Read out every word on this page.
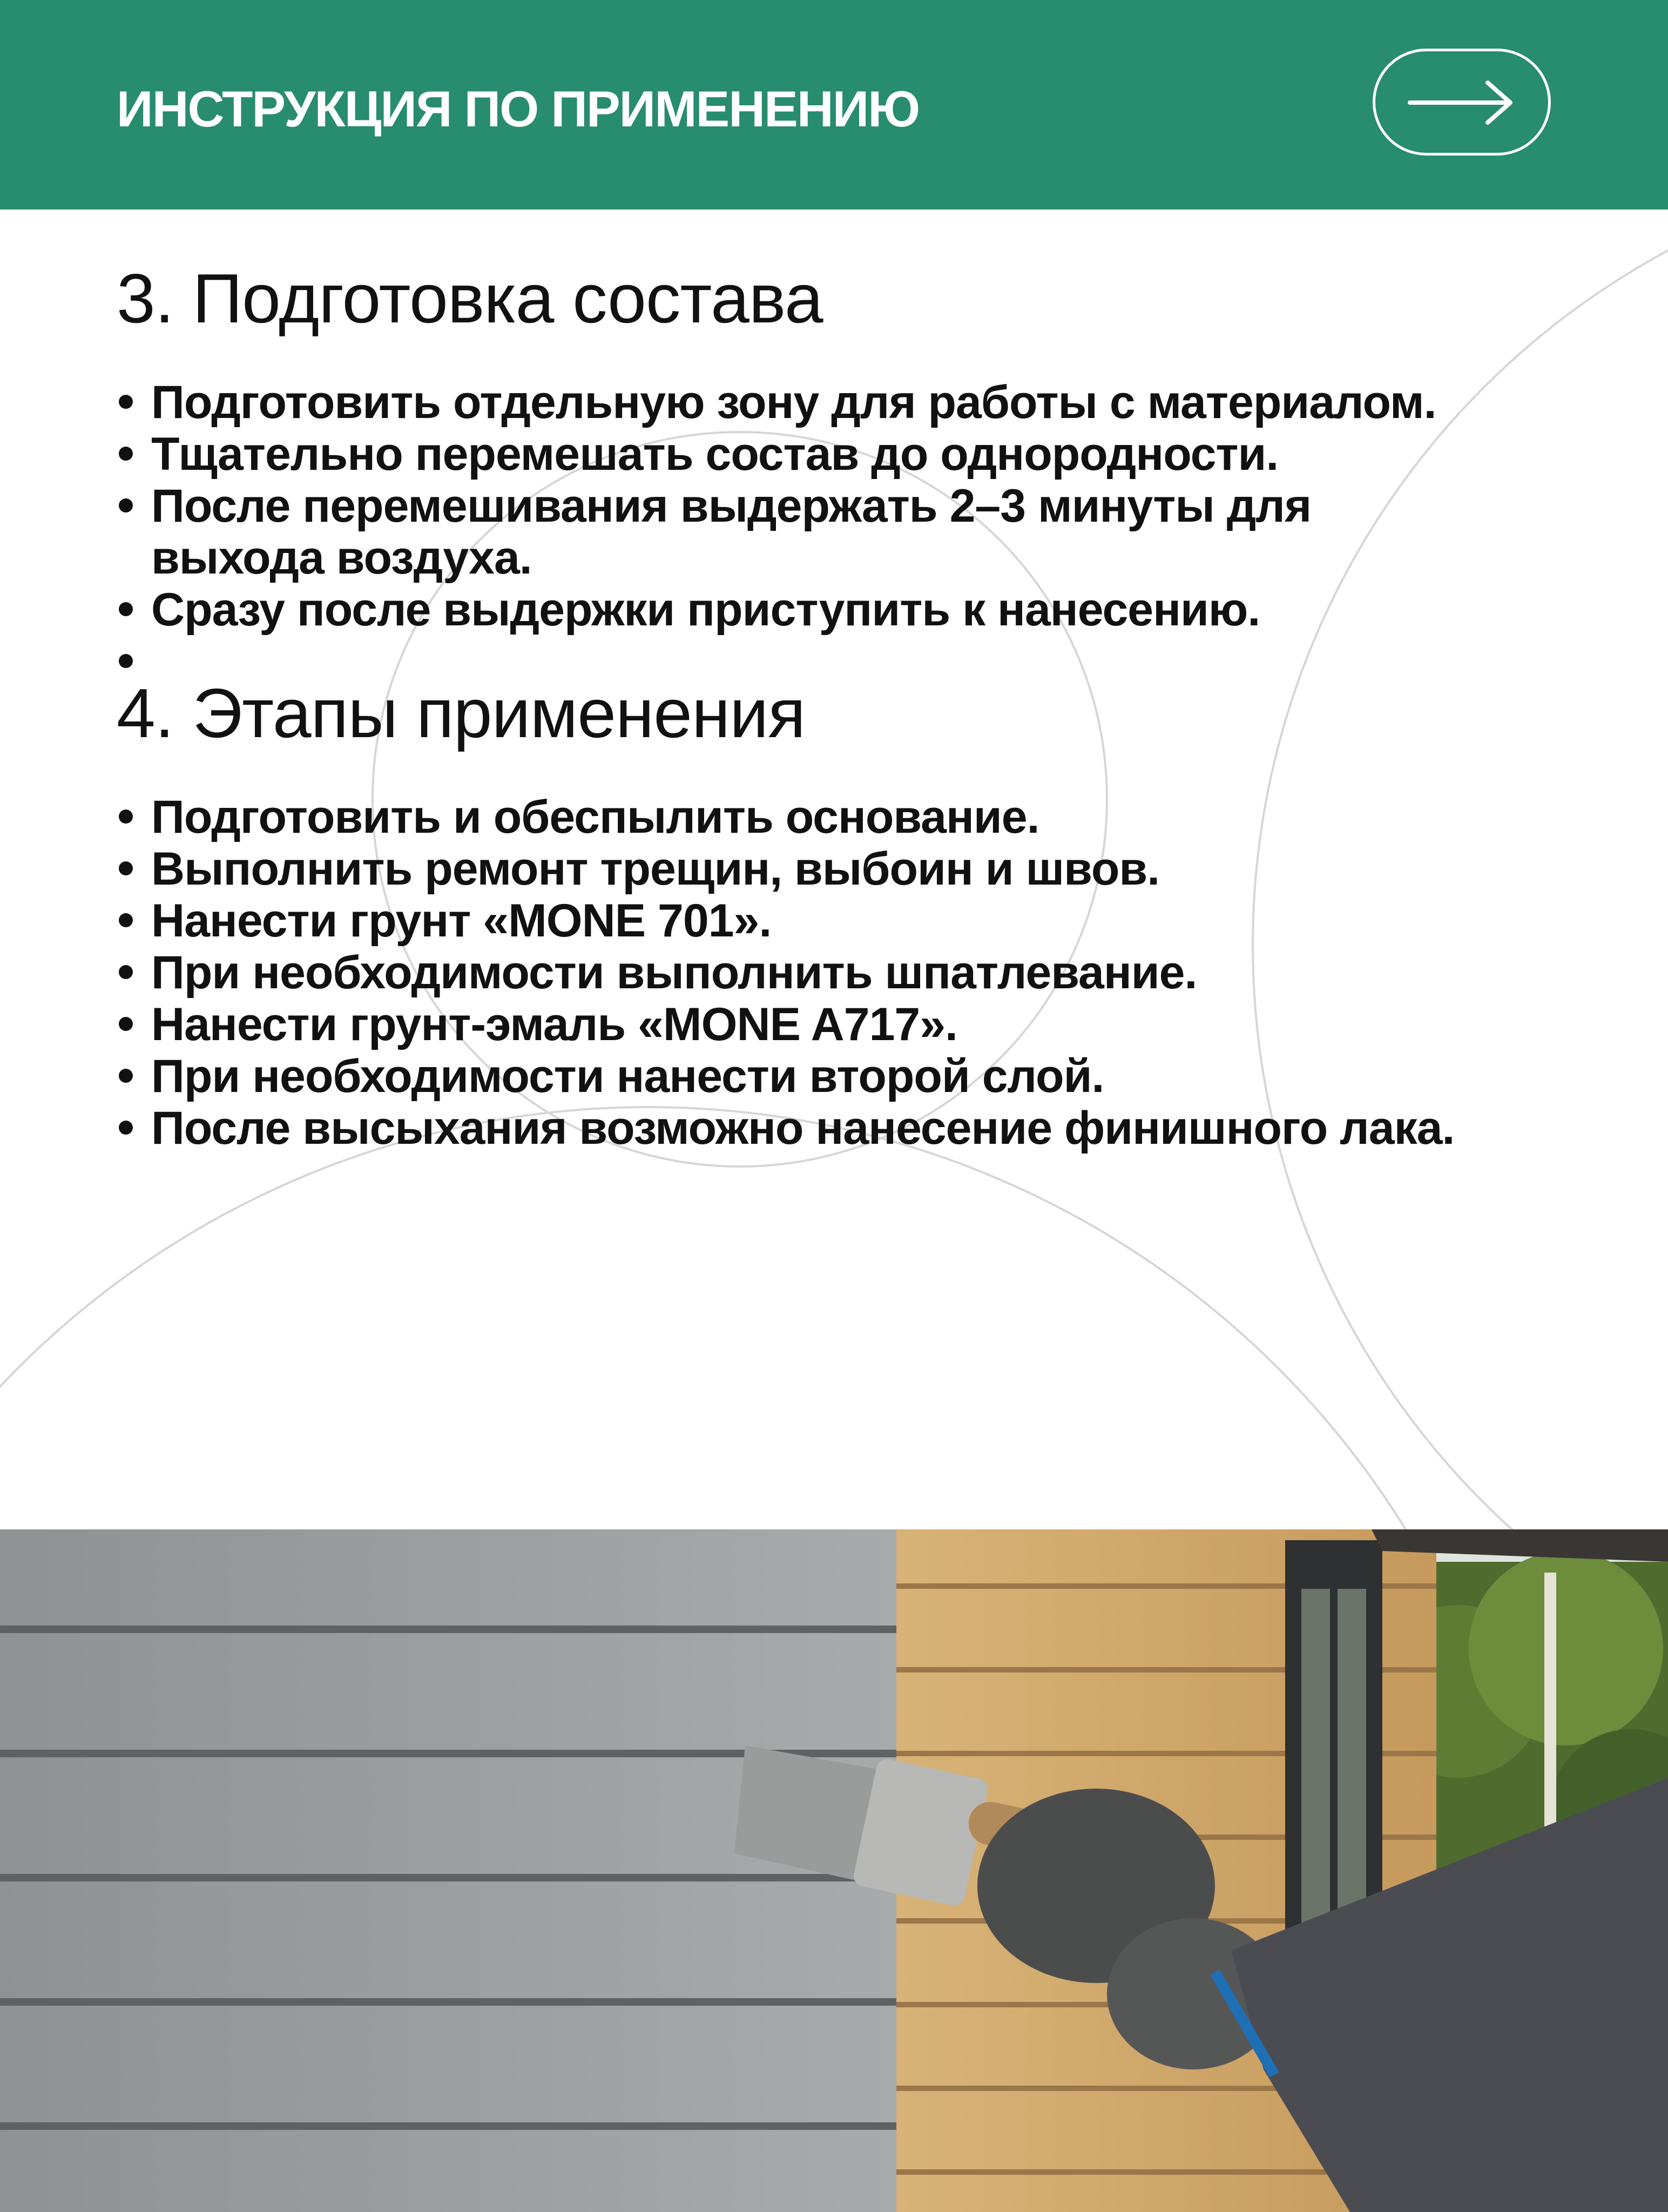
ИНСТРУКЦИЯ ПО ПРИМЕНЕНИЮ
3. Подготовка состава
Подготовить отдельную зону для работы с материалом.
Тщательно перемешать состав до однородности.
После перемешивания выдержать 2–3 минуты для
выхода воздуха.
Сразу после выдержки приступить к нанесению.
4. Этапы применения
Подготовить и обеспылить основание.
Выполнить ремонт трещин, выбоин и швов.
Нанести грунт «MONE 701».
При необходимости выполнить шпатлевание.
Нанести грунт-эмаль «MONE A717».
При необходимости нанести второй слой.
После высыхания возможно нанесение финишного лака.
